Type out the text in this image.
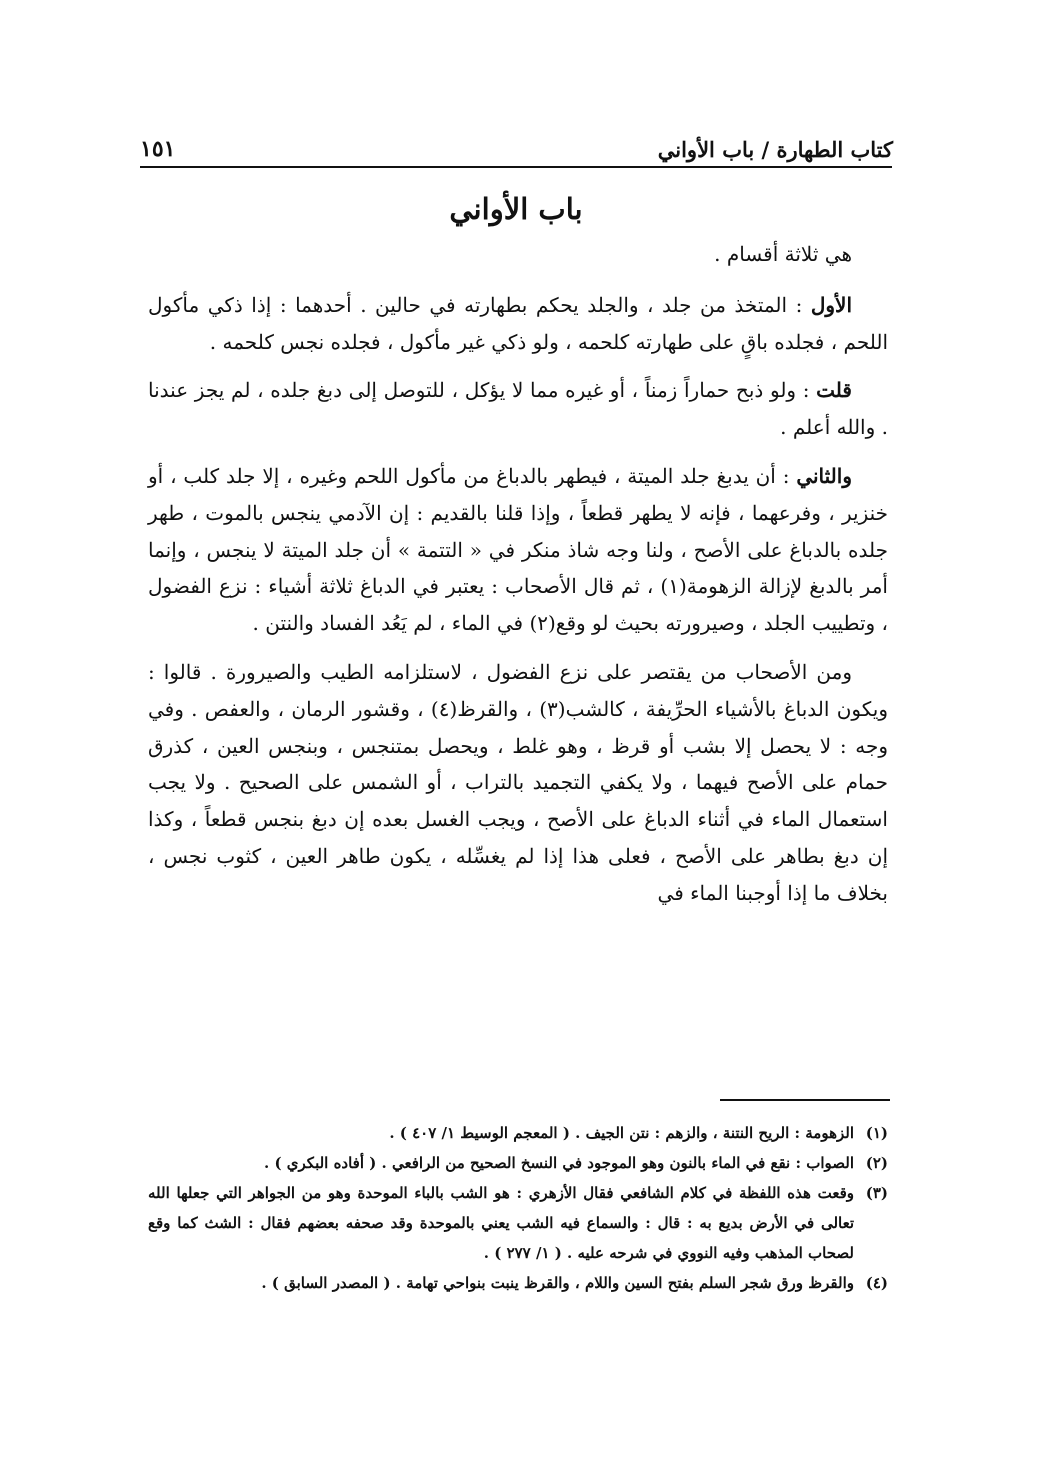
كتاب الطهارة / باب الأواني
١٥١
باب الأواني

هي ثلاثة أقسام .

الأول : المتخذ من جلد ، والجلد يحكم بطهارته في حالين . أحدهما : إذا ذكي مأكول اللحم ، فجلده باقٍ على طهارته كلحمه ، ولو ذكي غير مأكول ، فجلده نجس كلحمه .

قلت : ولو ذبح حماراً زمناً ، أو غيره مما لا يؤكل ، للتوصل إلى دبغ جلده ، لم يجز عندنا . والله أعلم .

والثاني : أن يدبغ جلد الميتة ، فيطهر بالدباغ من مأكول اللحم وغيره ، إلا جلد كلب ، أو خنزير ، وفرعهما ، فإنه لا يطهر قطعاً ، وإذا قلنا بالقديم : إن الآدمي ينجس بالموت ، طهر جلده بالدباغ على الأصح ، ولنا وجه شاذ منكر في « التتمة » أن جلد الميتة لا ينجس ، وإنما أمر بالدبغ لإزالة الزهومة(١) ، ثم قال الأصحاب : يعتبر في الدباغ ثلاثة أشياء : نزع الفضول ، وتطييب الجلد ، وصيرورته بحيث لو وقع(٢) في الماء ، لم يَعُد الفساد والنتن .

ومن الأصحاب من يقتصر على نزع الفضول ، لاستلزامه الطيب والصيرورة . قالوا : ويكون الدباغ بالأشياء الحرِّيفة ، كالشب(٣) ، والقرظ(٤) ، وقشور الرمان ، والعفص . وفي وجه : لا يحصل إلا بشب أو قرظ ، وهو غلط ، ويحصل بمتنجس ، وبنجس العين ، كذرق حمام على الأصح فيهما ، ولا يكفي التجميد بالتراب ، أو الشمس على الصحيح . ولا يجب استعمال الماء في أثناء الدباغ على الأصح ، ويجب الغسل بعده إن دبغ بنجس قطعاً ، وكذا إن دبغ بطاهر على الأصح ، فعلى هذا إذا لم يغسِّله ، يكون طاهر العين ، كثوب نجس ، بخلاف ما إذا أوجبنا الماء في

(١)
الزهومة : الريح النتنة ، والزهم : نتن الجيف . ( المعجم الوسيط ١/ ٤٠٧ ) .
(٢)
الصواب : نقع في الماء بالنون وهو الموجود في النسخ الصحيح من الرافعي . ( أفاده البكري ) .
(٣)
وقعت هذه اللفظة في كلام الشافعي فقال الأزهري : هو الشب بالباء الموحدة وهو من الجواهر التي جعلها الله تعالى في الأرض بديع به : قال : والسماع فيه الشب يعني بالموحدة وقد صحفه بعضهم فقال : الشث كما وقع لصحاب المذهب وفيه النووي في شرحه عليه . ( ١/ ٢٧٧ ) .
(٤)
والقرظ ورق شجر السلم بفتح السين واللام ، والقرظ ينبت بنواحي تهامة . ( المصدر السابق ) .
